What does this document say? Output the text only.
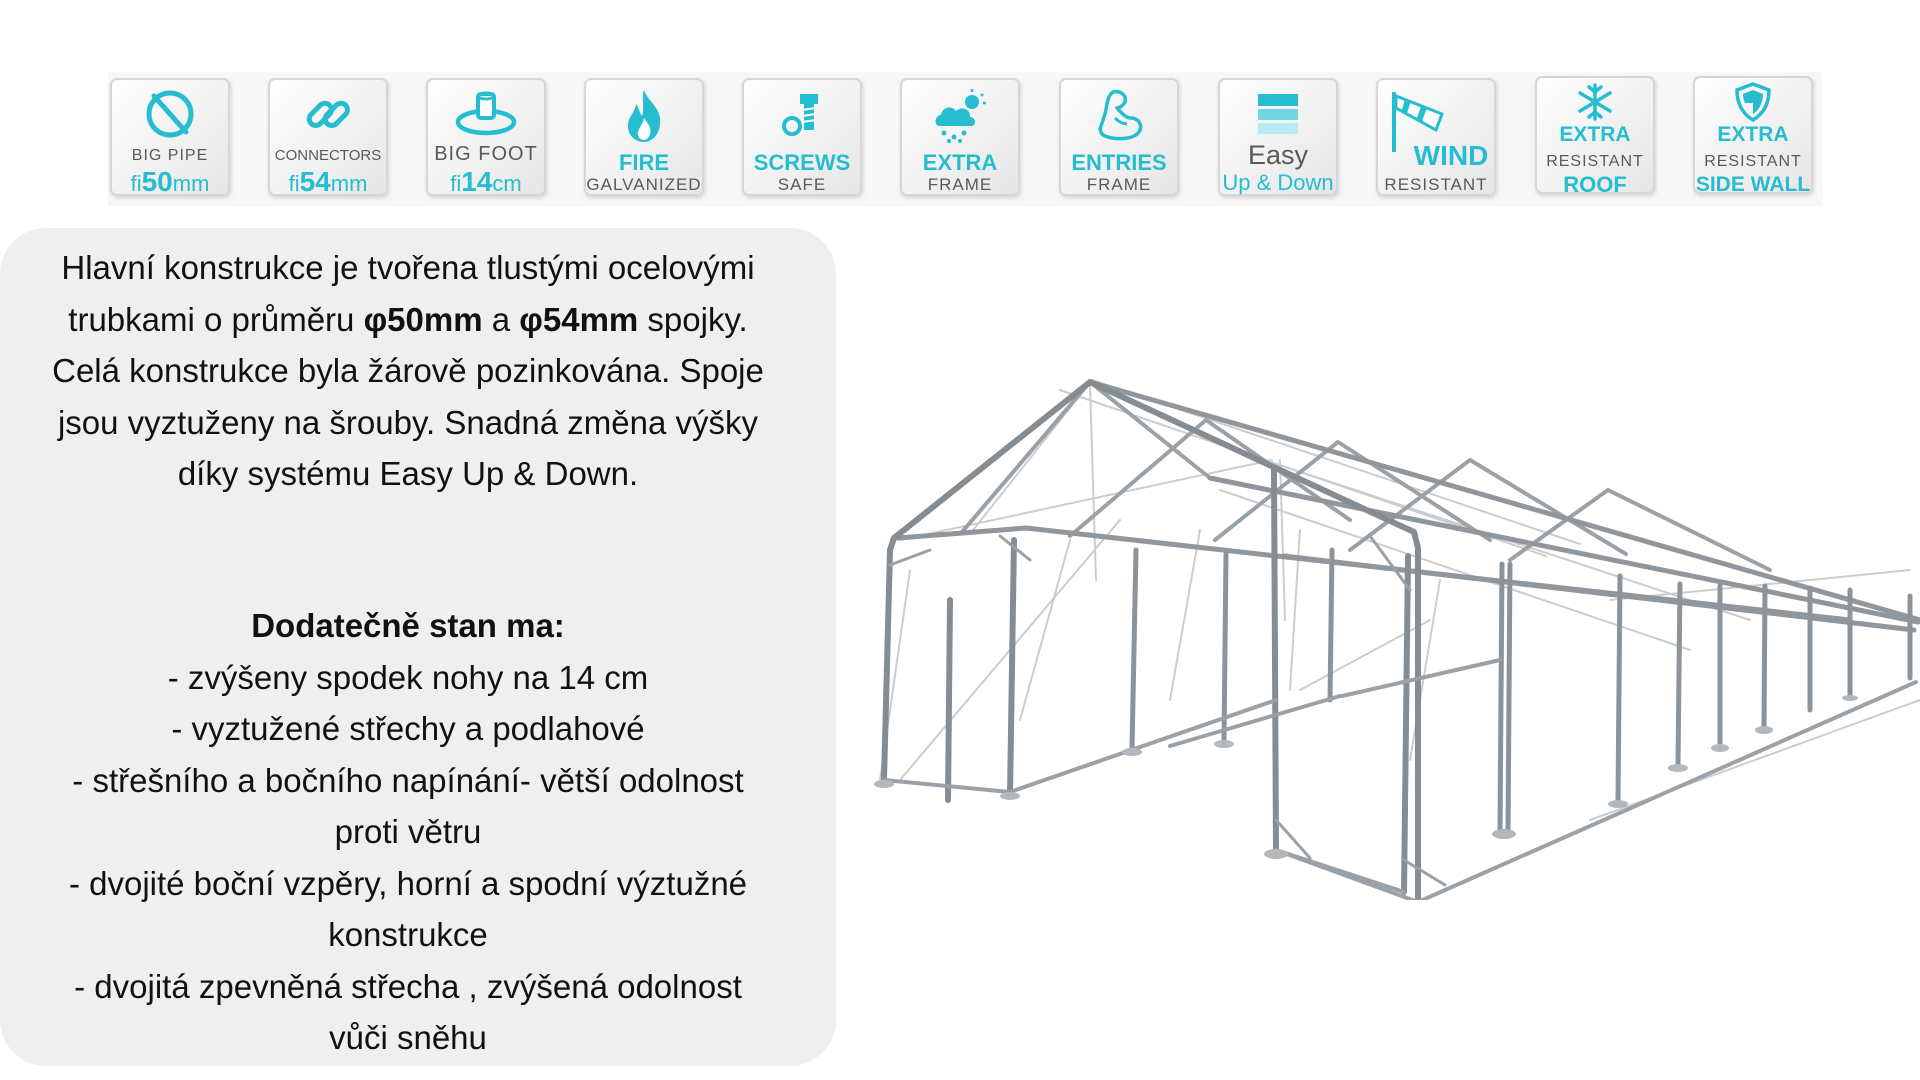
BIG PIPE
fi50mm
CONNECTORS
fi54mm
BIG FOOT
fi14cm
FIRE
GALVANIZED
SCREWS
SAFE
EXTRA
FRAME
ENTRIES
FRAME
Easy
Up & Down
WIND
RESISTANT
EXTRA
RESISTANT
ROOF
EXTRA
RESISTANT
SIDE WALL

Hlavní konstrukce je tvořena tlustými ocelovými trubkami o průměru φ50mm a φ54mm spojky. Celá konstrukce byla žárově pozinkována. Spoje jsou vyztuženy na šrouby. Snadná změna výšky díky systému Easy Up & Down.

Dodatečně stan ma:
- zvýšeny spodek nohy na 14 cm
- vyztužené střechy a podlahové
- střešního a bočního napínání- větší odolnost proti větru
- dvojité boční vzpěry, horní a spodní výztužné konstrukce
- dvojitá zpevněná střecha , zvýšená odolnost vůči sněhu
